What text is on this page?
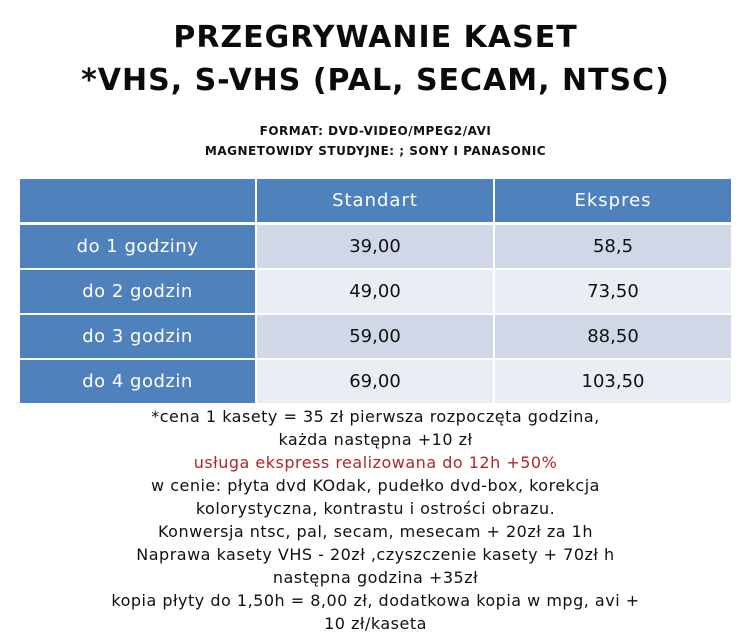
PRZEGRYWANIE KASET
*VHS, S-VHS (PAL, SECAM, NTSC)
FORMAT: DVD-VIDEO/MPEG2/AVI
MAGNETOWIDY STUDYJNE: ; SONY I PANASONIC
	Standart	Ekspres
do 1 godziny	39,00	58,5
do 2 godzin	49,00	73,50
do 3 godzin	59,00	88,50
do 4 godzin	69,00	103,50
*cena 1 kasety = 35 zł pierwsza rozpoczęta godzina,
każda następna +10 zł
usługa ekspress realizowana do 12h +50%
w cenie: płyta dvd KOdak, pudełko dvd-box, korekcja
kolorystyczna, kontrastu i ostrości obrazu.
Konwersja ntsc, pal, secam, mesecam + 20zł za 1h
Naprawa kasety VHS - 20zł ,czyszczenie kasety + 70zł h
następna godzina +35zł
kopia płyty do 1,50h = 8,00 zł, dodatkowa kopia w mpg, avi +
10 zł/kaseta
